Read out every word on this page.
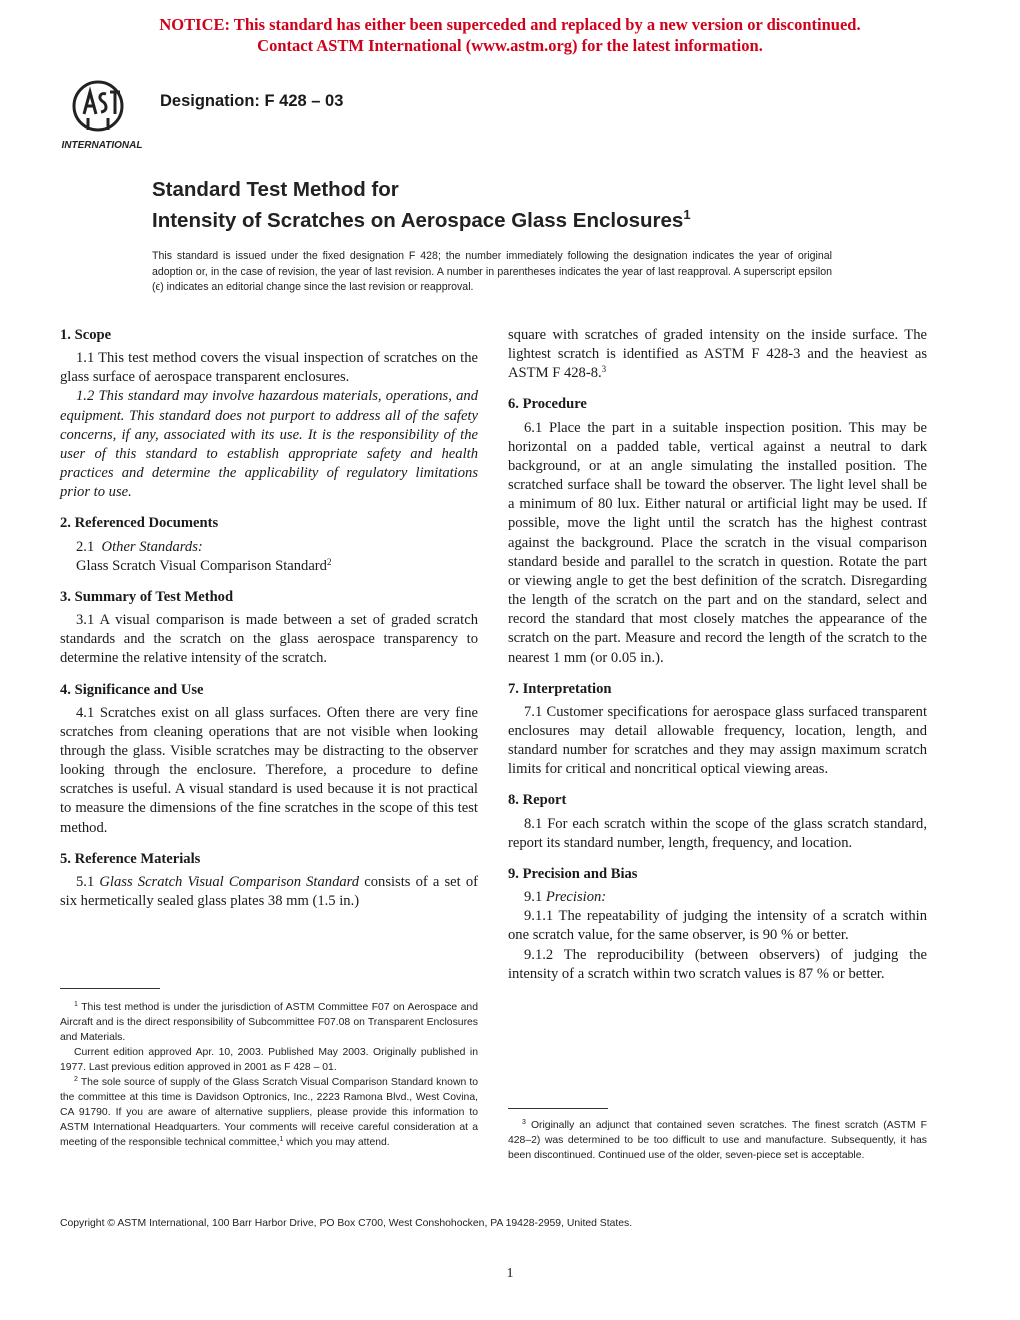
NOTICE: This standard has either been superceded and replaced by a new version or discontinued.
Contact ASTM International (www.astm.org) for the latest information.
INTERNATIONAL
Designation: F 428 – 03
Standard Test Method for
Intensity of Scratches on Aerospace Glass Enclosures$^1$
This standard is issued under the fixed designation F 428; the number immediately following the designation indicates the year of original adoption or, in the case of revision, the year of last revision. A number in parentheses indicates the year of last reapproval. A superscript epsilon (ϵ) indicates an editorial change since the last revision or reapproval.
1. Scope

1.1 This test method covers the visual inspection of scratches on the glass surface of aerospace transparent enclosures.

1.2 This standard may involve hazardous materials, operations, and equipment. This standard does not purport to address all of the safety concerns, if any, associated with its use. It is the responsibility of the user of this standard to establish appropriate safety and health practices and determine the applicability of regulatory limitations prior to use.

2. Referenced Documents

2.1 Other Standards:

Glass Scratch Visual Comparison Standard$^2$

3. Summary of Test Method

3.1 A visual comparison is made between a set of graded scratch standards and the scratch on the glass aerospace transparency to determine the relative intensity of the scratch.

4. Significance and Use

4.1 Scratches exist on all glass surfaces. Often there are very fine scratches from cleaning operations that are not visible when looking through the glass. Visible scratches may be distracting to the observer looking through the enclosure. Therefore, a procedure to define scratches is useful. A visual standard is used because it is not practical to measure the dimensions of the fine scratches in the scope of this test method.

5. Reference Materials

5.1 Glass Scratch Visual Comparison Standard consists of a set of six hermetically sealed glass plates 38 mm (1.5 in.)

$^1$ This test method is under the jurisdiction of ASTM Committee F07 on Aerospace and Aircraft and is the direct responsibility of Subcommittee F07.08 on Transparent Enclosures and Materials.

Current edition approved Apr. 10, 2003. Published May 2003. Originally published in 1977. Last previous edition approved in 2001 as F 428 – 01.

$^2$ The sole source of supply of the Glass Scratch Visual Comparison Standard known to the committee at this time is Davidson Optronics, Inc., 2223 Ramona Blvd., West Covina, CA 91790. If you are aware of alternative suppliers, please provide this information to ASTM International Headquarters. Your comments will receive careful consideration at a meeting of the responsible technical committee,$^1$ which you may attend.

square with scratches of graded intensity on the inside surface. The lightest scratch is identified as ASTM F 428-3 and the heaviest as ASTM F 428-8.$^3$

6. Procedure

6.1 Place the part in a suitable inspection position. This may be horizontal on a padded table, vertical against a neutral to dark background, or at an angle simulating the installed position. The scratched surface shall be toward the observer. The light level shall be a minimum of 80 lux. Either natural or artificial light may be used. If possible, move the light until the scratch has the highest contrast against the background. Place the scratch in the visual comparison standard beside and parallel to the scratch in question. Rotate the part or viewing angle to get the best definition of the scratch. Disregarding the length of the scratch on the part and on the standard, select and record the standard that most closely matches the appearance of the scratch on the part. Measure and record the length of the scratch to the nearest 1 mm (or 0.05 in.).

7. Interpretation

7.1 Customer specifications for aerospace glass surfaced transparent enclosures may detail allowable frequency, location, length, and standard number for scratches and they may assign maximum scratch limits for critical and noncritical optical viewing areas.

8. Report

8.1 For each scratch within the scope of the glass scratch standard, report its standard number, length, frequency, and location.

9. Precision and Bias

9.1 Precision:

9.1.1 The repeatability of judging the intensity of a scratch within one scratch value, for the same observer, is 90 % or better.

9.1.2 The reproducibility (between observers) of judging the intensity of a scratch within two scratch values is 87 % or better.

$^3$ Originally an adjunct that contained seven scratches. The finest scratch (ASTM F 428–2) was determined to be too difficult to use and manufacture. Subsequently, it has been discontinued. Continued use of the older, seven-piece set is acceptable.

Copyright © ASTM International, 100 Barr Harbor Drive, PO Box C700, West Conshohocken, PA 19428-2959, United States.
1
